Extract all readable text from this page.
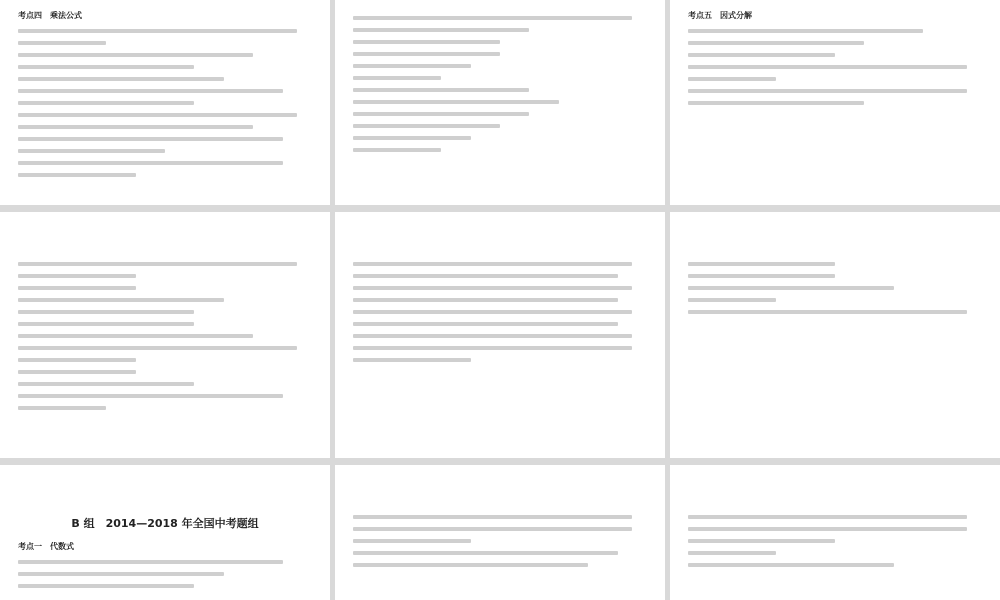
考点四　乘法公式	考点五　因式分解
B 组　2014—2018 年全国中考题组
考点一　代数式
